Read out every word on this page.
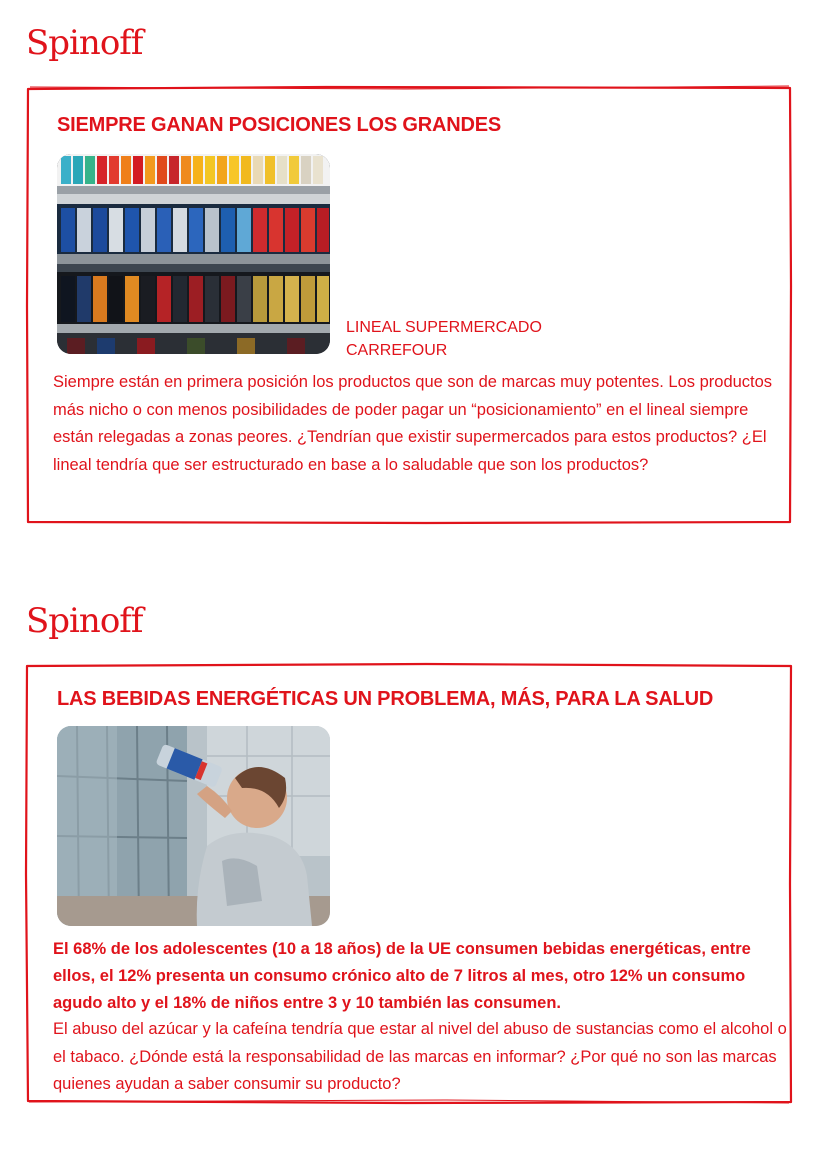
Spinoff
SIEMPRE GANAN POSICIONES LOS GRANDES
LINEAL SUPERMERCADO
CARREFOUR
Siempre están en primera posición los productos que son de marcas muy potentes. Los productos más nicho o con menos posibilidades de poder pagar un “posicionamiento” en el lineal siempre están relegadas a zonas peores. ¿Tendrían que existir supermercados para estos productos? ¿El lineal tendría que ser estructurado en base a lo saludable que son los productos?
Spinoff
LAS BEBIDAS ENERGÉTICAS UN PROBLEMA, MÁS, PARA LA SALUD
El 68% de los adolescentes (10 a 18 años) de la UE consumen bebidas energéticas, entre ellos, el 12% presenta un consumo crónico alto de 7 litros al mes, otro 12% un consumo agudo alto y el 18% de niños entre 3 y 10 también las consumen.
El abuso del azúcar y la cafeína tendría que estar al nivel del abuso de sustancias como el alcohol o el tabaco. ¿Dónde está la responsabilidad de las marcas en informar? ¿Por qué no son las marcas quienes ayudan a saber consumir su producto?
